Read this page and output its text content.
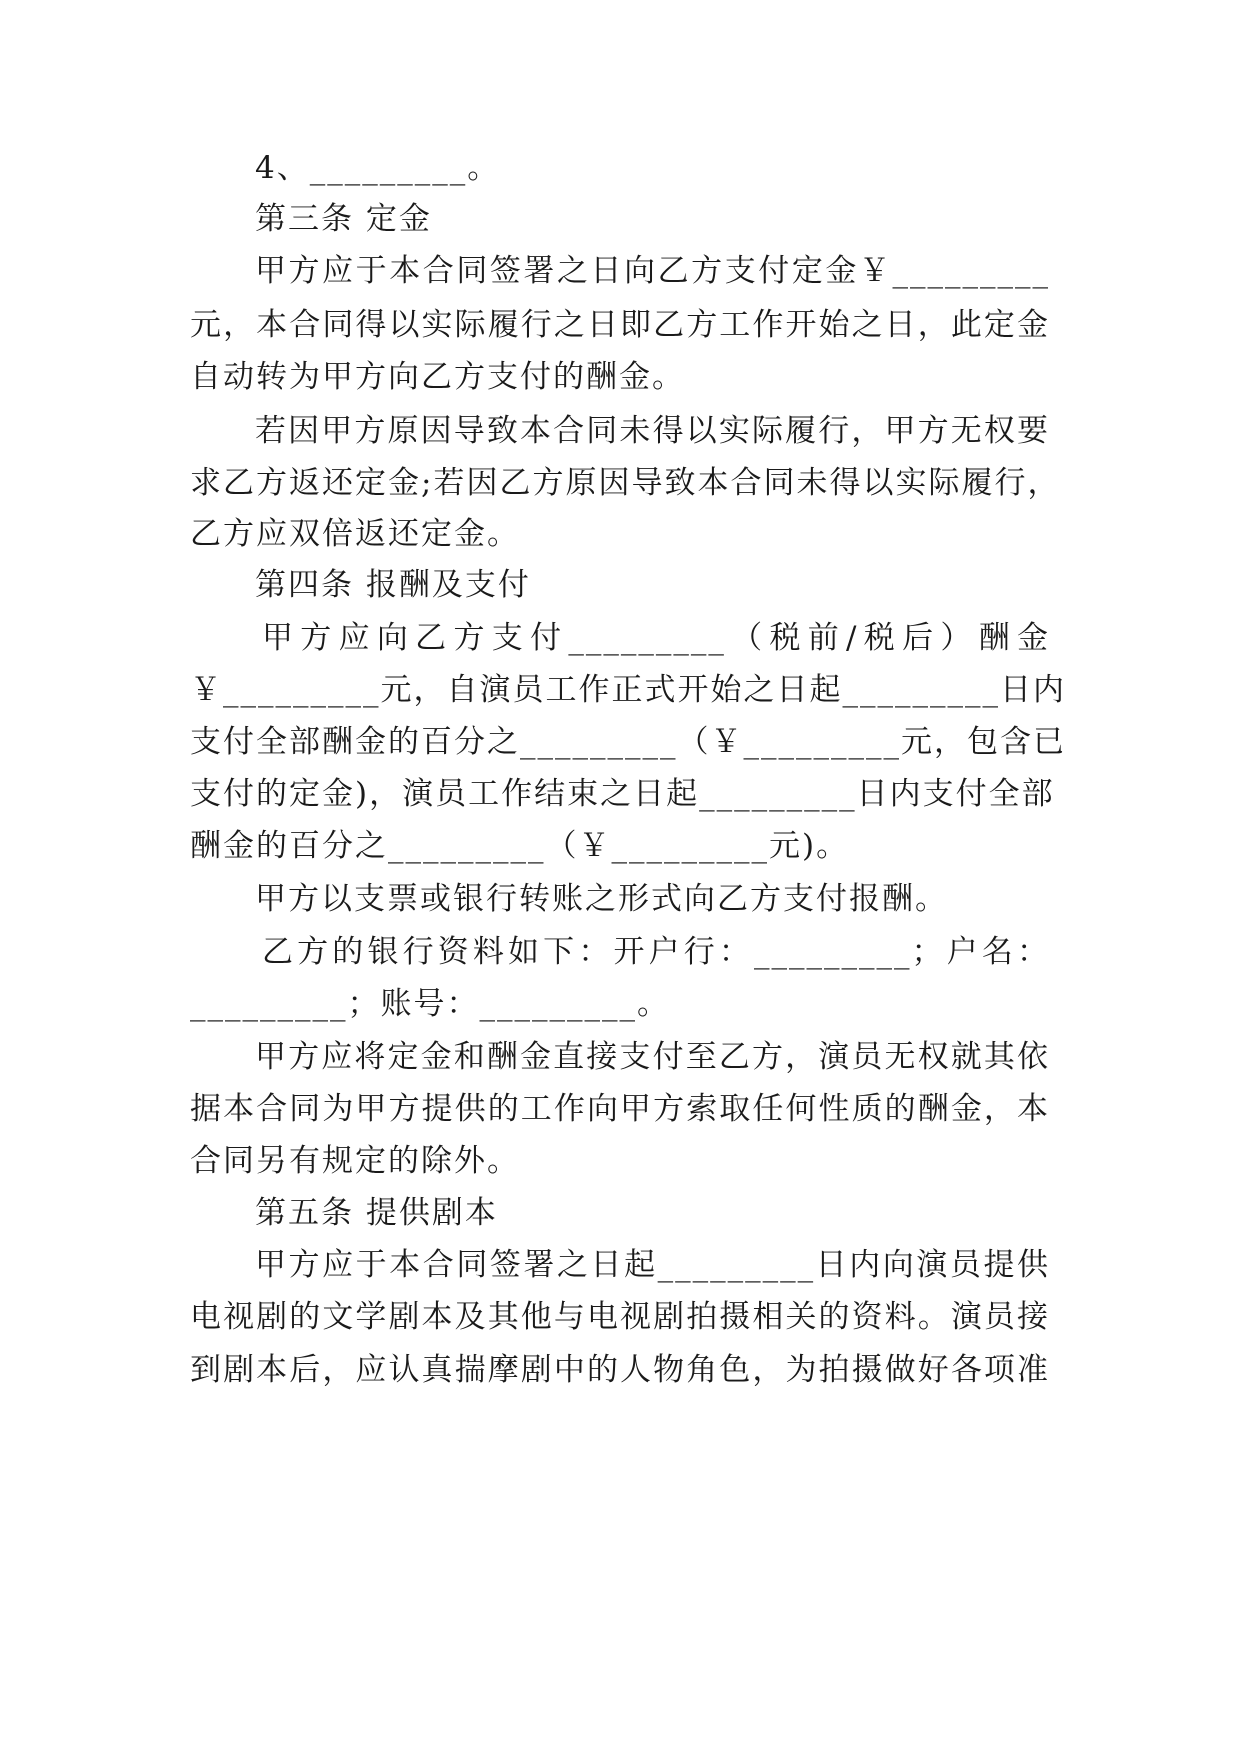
4、_________。
第三条 定金
甲方应于本合同签署之日向乙方支付定金￥_________
元，本合同得以实际履行之日即乙方工作开始之日，此定金
自动转为甲方向乙方支付的酬金。
若因甲方原因导致本合同未得以实际履行，甲方无权要
求乙方返还定金;若因乙方原因导致本合同未得以实际履行，
乙方应双倍返还定金。
第四条 报酬及支付
甲方应向乙方支付_________（税前/税后）酬金
￥_________元，自演员工作正式开始之日起_________日内
支付全部酬金的百分之_________（￥_________元，包含已
支付的定金)，演员工作结束之日起_________日内支付全部
酬金的百分之_________（￥_________元)。
甲方以支票或银行转账之形式向乙方支付报酬。
乙方的银行资料如下：开户行：_________；户名：
_________；账号：_________。
甲方应将定金和酬金直接支付至乙方，演员无权就其依
据本合同为甲方提供的工作向甲方索取任何性质的酬金，本
合同另有规定的除外。
第五条 提供剧本
甲方应于本合同签署之日起_________日内向演员提供
电视剧的文学剧本及其他与电视剧拍摄相关的资料。演员接
到剧本后，应认真揣摩剧中的人物角色，为拍摄做好各项准
